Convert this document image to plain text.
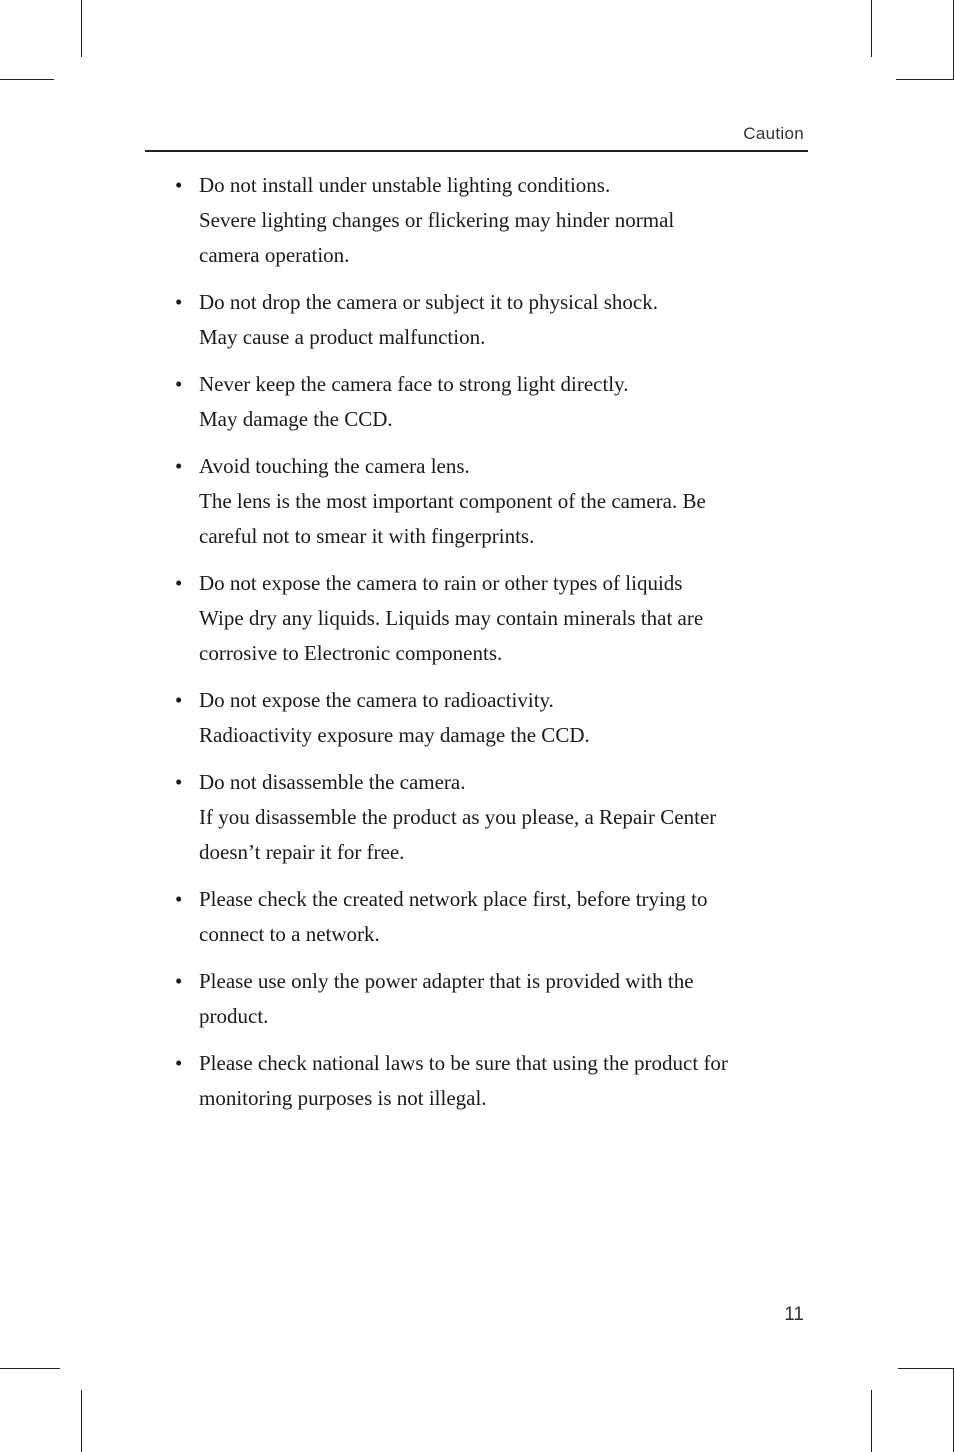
Caution
• Do not install under unstable lighting conditions.
Severe lighting changes or flickering may hinder normal
camera operation.
• Do not drop the camera or subject it to physical shock.
May cause a product malfunction.
• Never keep the camera face to strong light directly.
May damage the CCD.
• Avoid touching the camera lens.
The lens is the most important component of the camera. Be
careful not to smear it with fingerprints.
• Do not expose the camera to rain or other types of liquids
Wipe dry any liquids. Liquids may contain minerals that are
corrosive to Electronic components.
• Do not expose the camera to radioactivity.
Radioactivity exposure may damage the CCD.
• Do not disassemble the camera.
If you disassemble the product as you please, a Repair Center
doesn’t repair it for free.
• Please check the created network place first, before trying to
connect to a network.
• Please use only the power adapter that is provided with the
product.
• Please check national laws to be sure that using the product for
monitoring purposes is not illegal.
11
